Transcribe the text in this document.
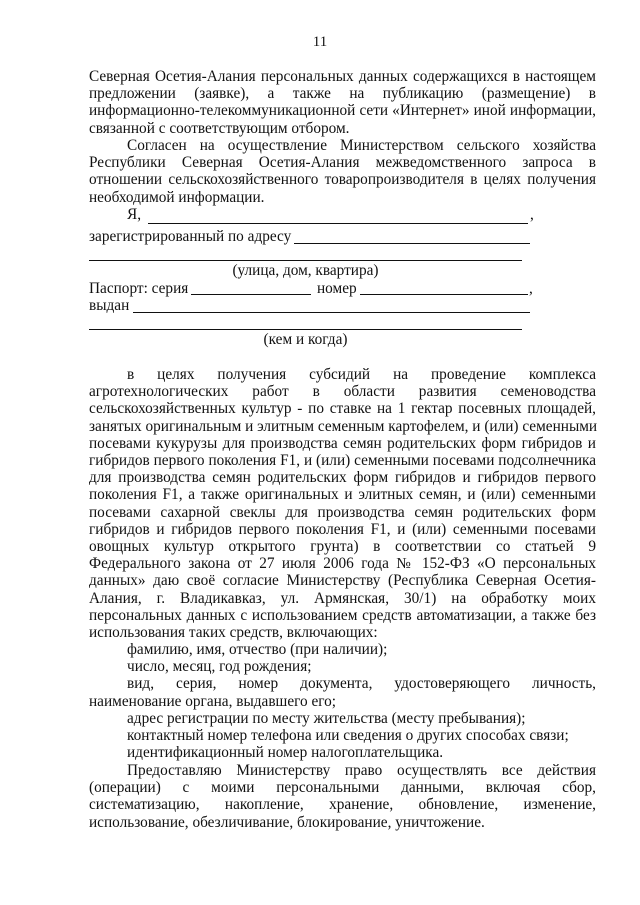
11
Северная Осетия-Алания персональных данных содержащихся в настоящем
предложении (заявке), а также на публикацию (размещение) в
информационно-телекоммуникационной сети «Интернет» иной информации,
связанной с соответствующим отбором.
Согласен на осуществление Министерством сельского хозяйства
Республики Северная Осетия-Алания межведомственного запроса в
отношении сельскохозяйственного товаропроизводителя в целях получения
необходимой информации.
Я,	,
зарегистрированный по адресу
(улица, дом, квартира)
Паспорт: серия	номер	,
выдан
(кем и когда)
в целях получения субсидий на проведение комплекса
агротехнологических работ в области развития семеноводства
сельскохозяйственных культур - по ставке на 1 гектар посевных площадей,
занятых оригинальным и элитным семенным картофелем, и (или) семенными
посевами кукурузы для производства семян родительских форм гибридов и
гибридов первого поколения F1, и (или) семенными посевами подсолнечника
для производства семян родительских форм гибридов и гибридов первого
поколения F1, а также оригинальных и элитных семян, и (или) семенными
посевами сахарной свеклы для производства семян родительских форм
гибридов и гибридов первого поколения F1, и (или) семенными посевами
овощных культур открытого грунта) в соответствии со статьей 9
Федерального закона от 27 июля 2006 года № 152-ФЗ «О персональных
данных» даю своё согласие Министерству (Республика Северная Осетия-
Алания, г. Владикавказ, ул. Армянская, 30/1) на обработку моих
персональных данных с использованием средств автоматизации, а также без
использования таких средств, включающих:
фамилию, имя, отчество (при наличии);
число, месяц, год рождения;
вид, серия, номер документа, удостоверяющего личность,
наименование органа, выдавшего его;
адрес регистрации по месту жительства (месту пребывания);
контактный номер телефона или сведения о других способах связи;
идентификационный номер налогоплательщика.
Предоставляю Министерству право осуществлять все действия
(операции) с моими персональными данными, включая сбор,
систематизацию, накопление, хранение, обновление, изменение,
использование, обезличивание, блокирование, уничтожение.
